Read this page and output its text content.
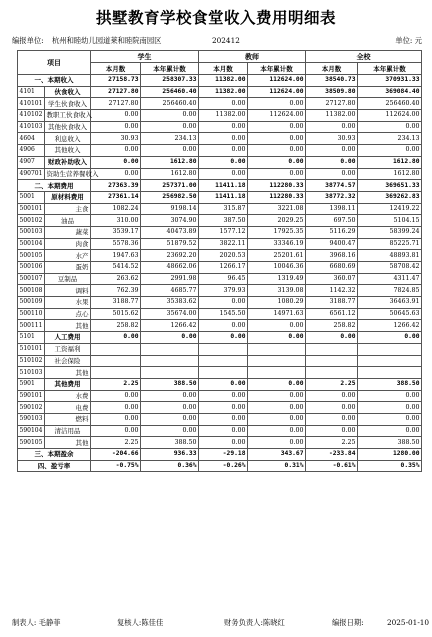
拱墅教育学校食堂收入费用明细表
编报单位: 杭州和睦幼儿园道莱和睦院南园区	202412	单位: 元
项目		学生		教师		全校	
		本月数	本年累计数	本月数	本年累计数	本月数	本年累计数
一、本期收入		27158.73	258307.33	11382.00	112624.00	38540.73	370931.33
4101	伙食收入	27127.80	256460.40	11382.00	112624.00	38509.80	369084.40
410101	学生伙食收入	27127.80	256460.40	0.00	0.00	27127.80	256460.40
410102	教职工伙食收入	0.00	0.00	11382.00	112624.00	11382.00	112624.00
410103	其他伙食收入	0.00	0.00	0.00	0.00	0.00	0.00
4604	利息收入	30.93	234.13	0.00	0.00	30.93	234.13
4906	其他收入	0.00	0.00	0.00	0.00	0.00	0.00
4907	财政补助收入	0.00	1612.80	0.00	0.00	0.00	1612.80
490701	资助生营养餐收入	0.00	1612.80	0.00	0.00	0.00	1612.80
二、本期费用		27363.39	257371.00	11411.18	112280.33	38774.57	369651.33
5001	原材料费用	27361.14	256982.50	11411.18	112280.33	38772.32	369262.83
500101	主食	1082.24	9198.14	315.87	3221.08	1398.11	12419.22
500102	油品	310.00	3074.90	387.50	2029.25	697.50	5104.15
500103	蔬菜	3539.17	40473.89	1577.12	17925.35	5116.29	58399.24
500104	肉食	5578.36	51879.52	3822.11	33346.19	9400.47	85225.71
500105	水产	1947.63	23692.20	2020.53	25201.61	3968.16	48893.81
500106	蛋奶	5414.52	48662.06	1266.17	10046.36	6680.69	58708.42
500107	豆制品	263.62	2991.98	96.45	1319.49	360.07	4311.47
500108	调料	762.39	4685.77	379.93	3139.08	1142.32	7824.85
500109	水果	3188.77	35383.62	0.00	1080.29	3188.77	36463.91
500110	点心	5015.62	35674.00	1545.50	14971.63	6561.12	50645.63
500111	其他	258.82	1266.42	0.00	0.00	258.82	1266.42
5101	人工费用	0.00	0.00	0.00	0.00	0.00	0.00
510101	工资福利						
510102	社会保险						
510103	其他						
5901	其他费用	2.25	388.50	0.00	0.00	2.25	388.50
590101	水费	0.00	0.00	0.00	0.00	0.00	0.00
590102	电费	0.00	0.00	0.00	0.00	0.00	0.00
590103	燃料	0.00	0.00	0.00	0.00	0.00	0.00
590104	清洁用品	0.00	0.00	0.00	0.00	0.00	0.00
590105	其他	2.25	388.50	0.00	0.00	2.25	388.50
三、本期盈余		-204.66	936.33	-29.18	343.67	-233.84	1280.00
四、盈亏率		-0.75%	0.36%	-0.26%	0.31%	-0.61%	0.35%
制表人: 毛静菲	复核人:陈佳佳	财务负责人:陈晓红	编报日期:	2025-01-10
